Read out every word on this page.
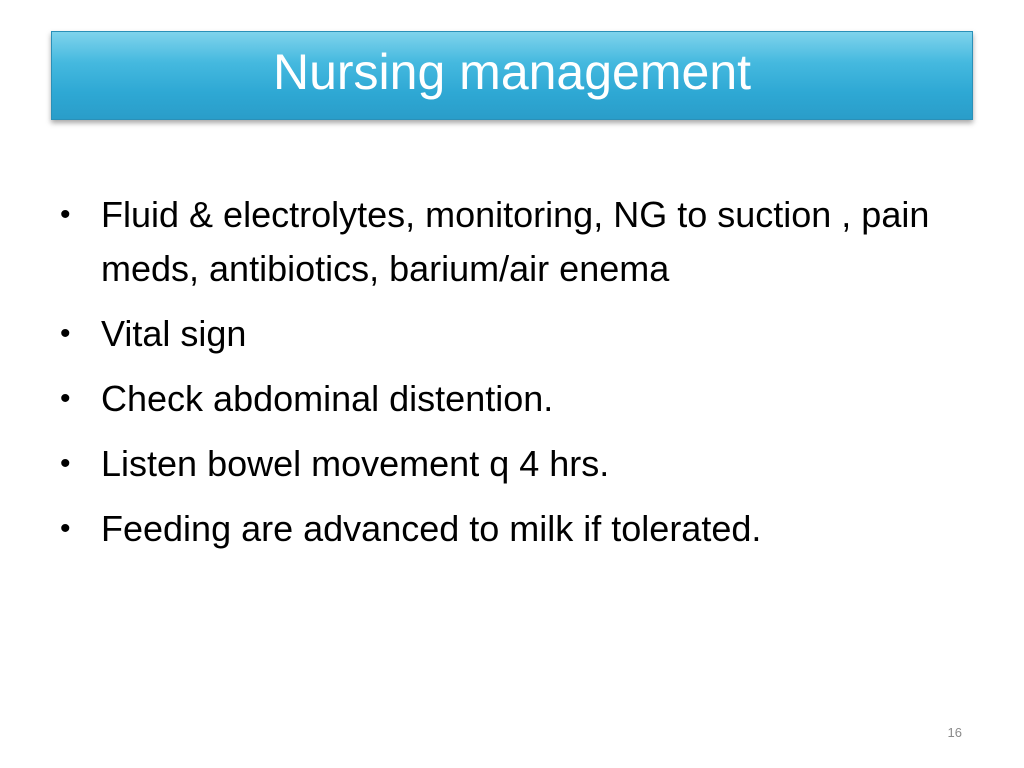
Nursing management
• Fluid & electrolytes, monitoring, NG to suction , pain meds, antibiotics, barium/air enema
• Vital sign
• Check abdominal distention.
• Listen bowel movement q 4 hrs.
• Feeding are advanced to milk if tolerated.
16
